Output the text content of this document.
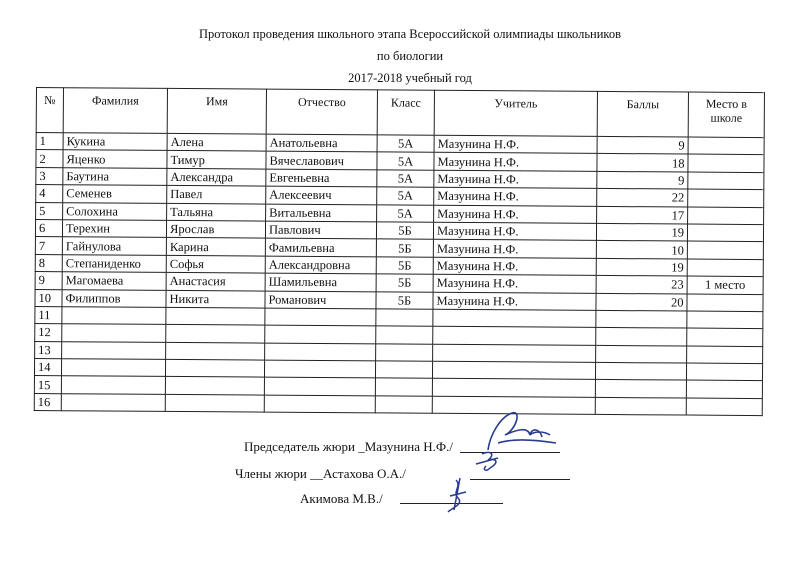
Протокол проведения школьного этапа Всероссийской олимпиады школьников
по биологии
2017-2018 учебный год
№	Фамилия	Имя	Отчество	Класс	Учитель	Баллы	Место в школе
1	Кукина	Алена	Анатольевна	5А	Мазунина Н.Ф.	9	
2	Яценко	Тимур	Вячеславович	5А	Мазунина Н.Ф.	18	
3	Баутина	Александра	Евгеньевна	5А	Мазунина Н.Ф.	9	
4	Семенев	Павел	Алексеевич	5А	Мазунина Н.Ф.	22	
5	Солохина	Тальяна	Витальевна	5А	Мазунина Н.Ф.	17	
6	Терехин	Ярослав	Павлович	5Б	Мазунина Н.Ф.	19	
7	Гайнулова	Карина	Фамильевна	5Б	Мазунина Н.Ф.	10	
8	Степаниденко	Софья	Александровна	5Б	Мазунина Н.Ф.	19	
9	Магомаева	Анастасия	Шамильевна	5Б	Мазунина Н.Ф.	23	1 место
10	Филиппов	Никита	Романович	5Б	Мазунина Н.Ф.	20	
11							
12							
13							
14							
15							
16							
Председатель жюри _Мазунина Н.Ф./
Члены жюри __Астахова О.А./
Акимова М.В./
